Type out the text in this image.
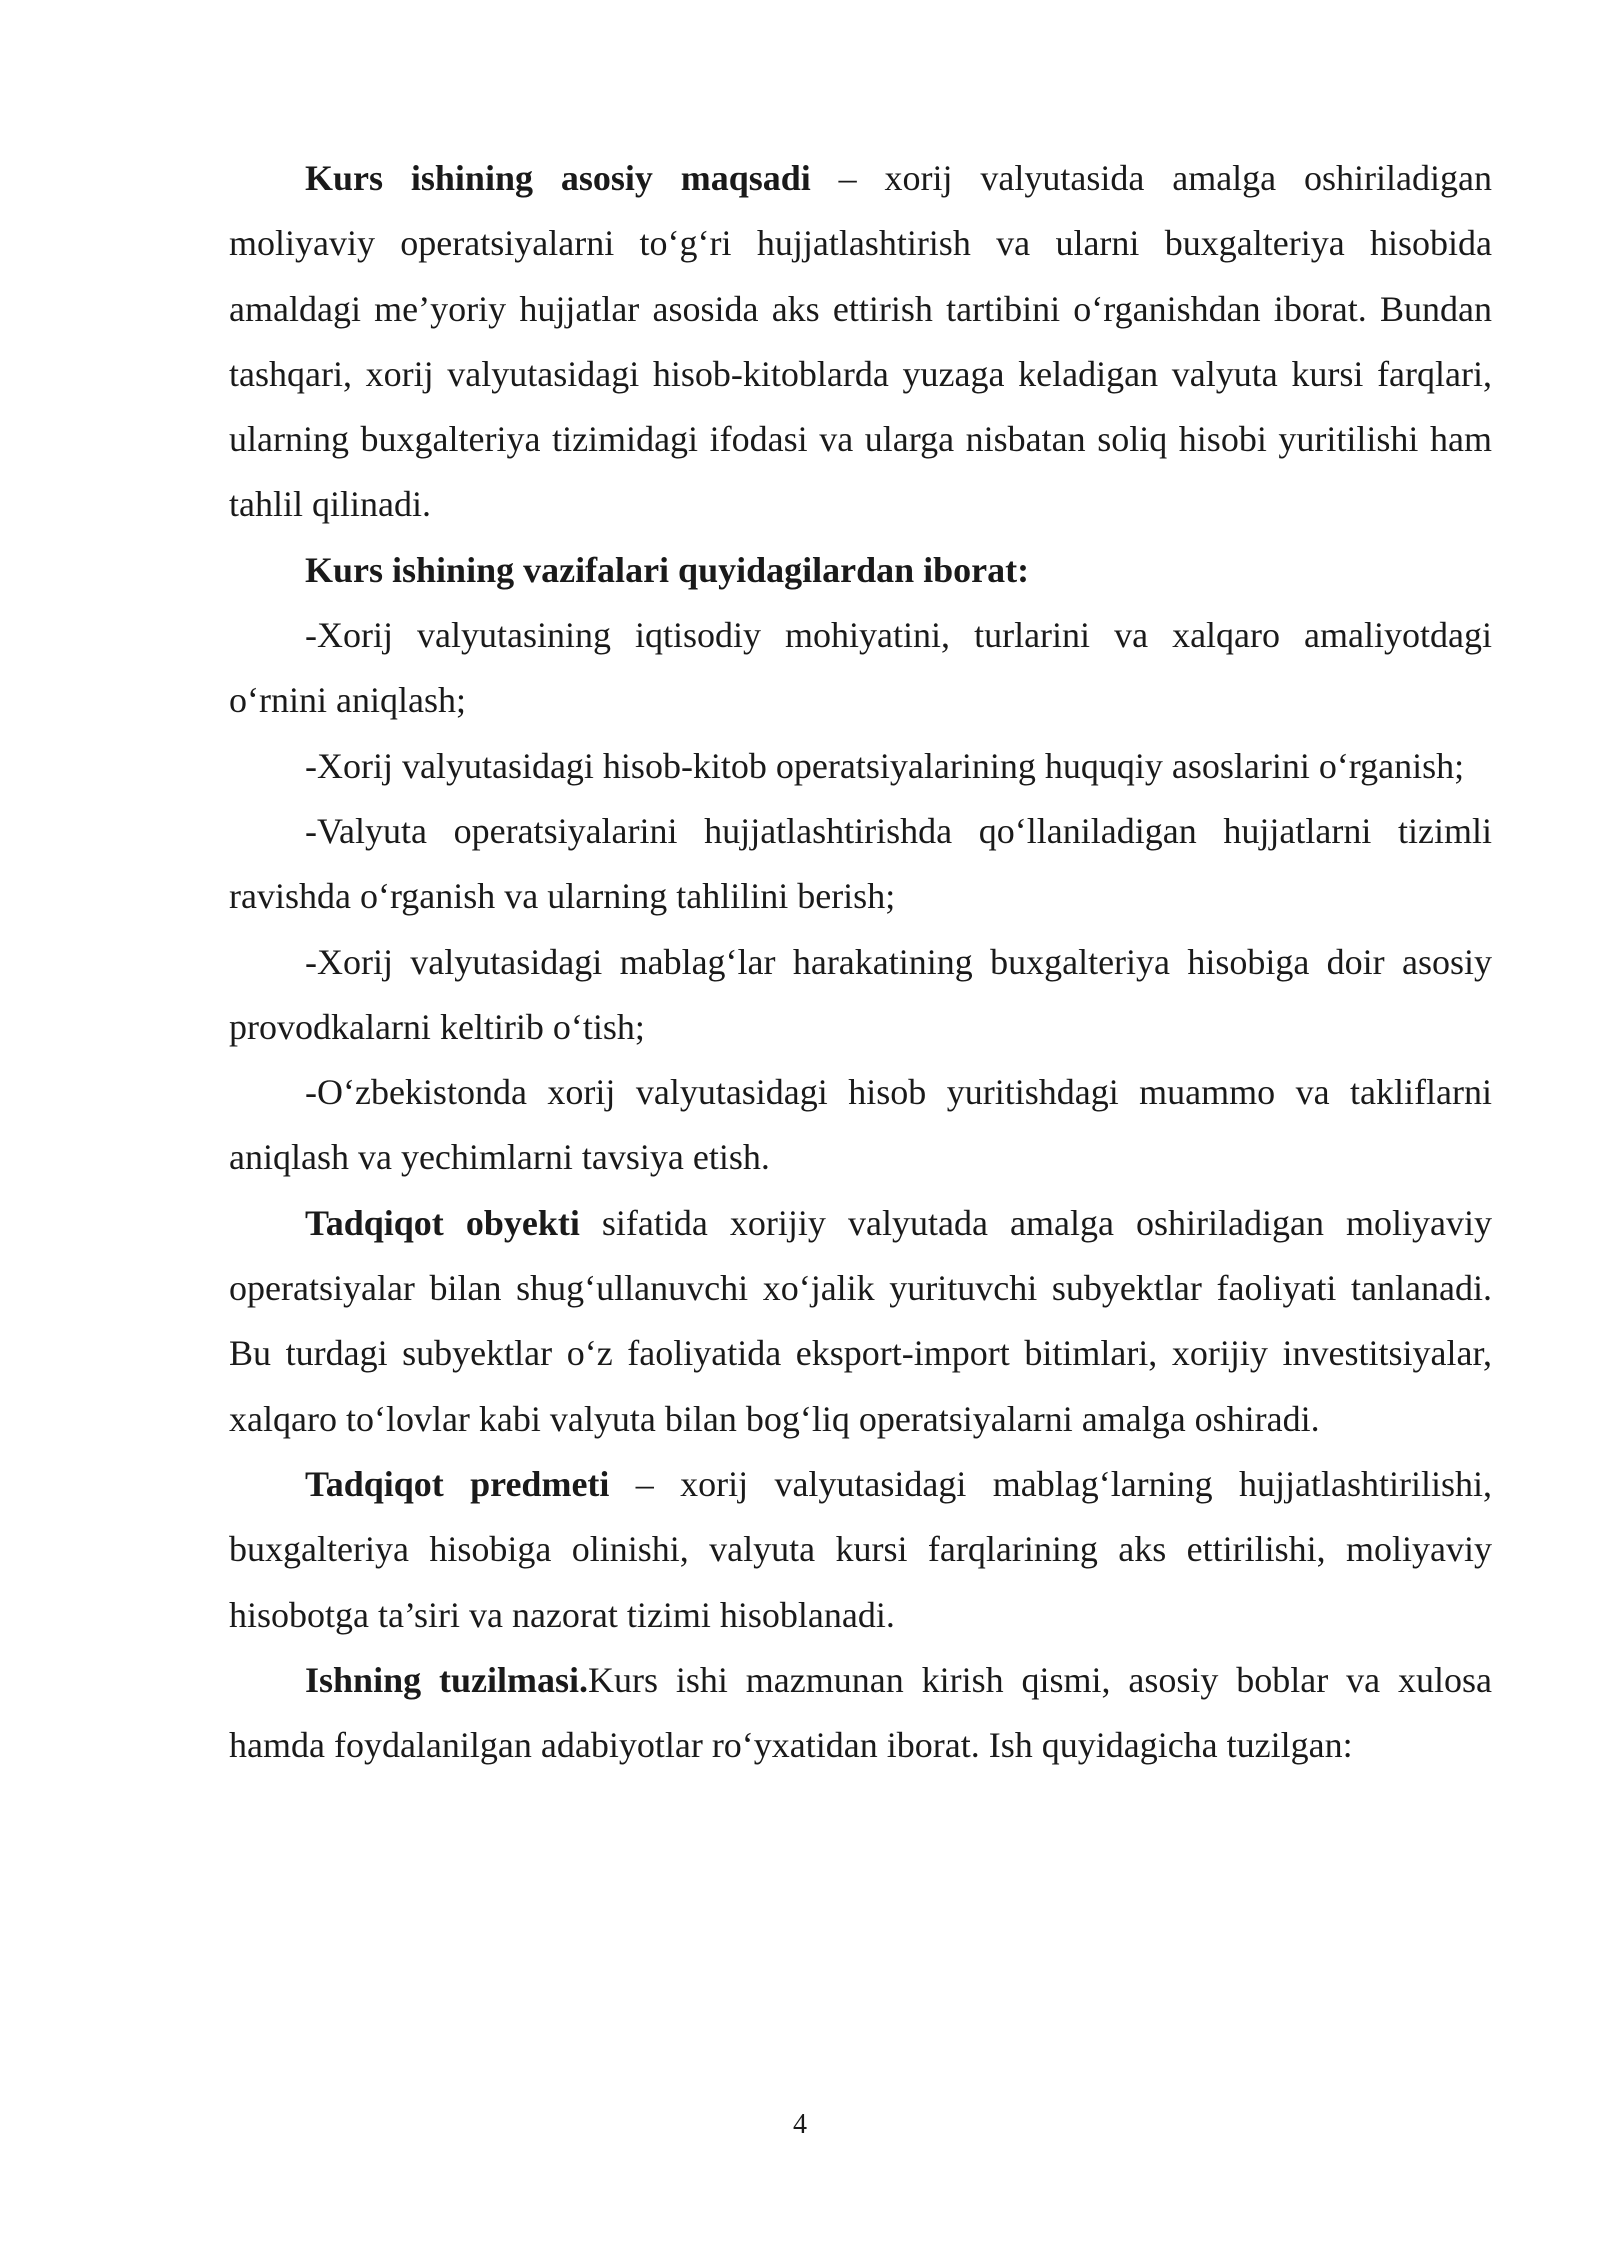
Kurs ishining asosiy maqsadi – xorij valyutasida amalga oshiriladigan moliyaviy operatsiyalarni to‘g‘ri hujjatlashtirish va ularni buxgalteriya hisobida amaldagi me’yoriy hujjatlar asosida aks ettirish tartibini o‘rganishdan iborat. Bundan tashqari, xorij valyutasidagi hisob-kitoblarda yuzaga keladigan valyuta kursi farqlari, ularning buxgalteriya tizimidagi ifodasi va ularga nisbatan soliq hisobi yuritilishi ham tahlil qilinadi.

Kurs ishining vazifalari quyidagilardan iborat:

-Xorij valyutasining iqtisodiy mohiyatini, turlarini va xalqaro amaliyotdagi o‘rnini aniqlash;

-Xorij valyutasidagi hisob-kitob operatsiyalarining huquqiy asoslarini o‘rganish;

-Valyuta operatsiyalarini hujjatlashtirishda qo‘llaniladigan hujjatlarni tizimli ravishda o‘rganish va ularning tahlilini berish;

-Xorij valyutasidagi mablag‘lar harakatining buxgalteriya hisobiga doir asosiy provodkalarni keltirib o‘tish;

-O‘zbekistonda xorij valyutasidagi hisob yuritishdagi muammo va takliflarni aniqlash va yechimlarni tavsiya etish.

Tadqiqot obyekti sifatida xorijiy valyutada amalga oshiriladigan moliyaviy operatsiyalar bilan shug‘ullanuvchi xo‘jalik yurituvchi subyektlar faoliyati tanlanadi. Bu turdagi subyektlar o‘z faoliyatida eksport-import bitimlari, xorijiy investitsiyalar, xalqaro to‘lovlar kabi valyuta bilan bog‘liq operatsiyalarni amalga oshiradi.

Tadqiqot predmeti – xorij valyutasidagi mablag‘larning hujjatlashtirilishi, buxgalteriya hisobiga olinishi, valyuta kursi farqlarining aks ettirilishi, moliyaviy hisobotga ta’siri va nazorat tizimi hisoblanadi.

Ishning tuzilmasi.Kurs ishi mazmunan kirish qismi, asosiy boblar va xulosa hamda foydalanilgan adabiyotlar ro‘yxatidan iborat. Ish quyidagicha tuzilgan:

4
